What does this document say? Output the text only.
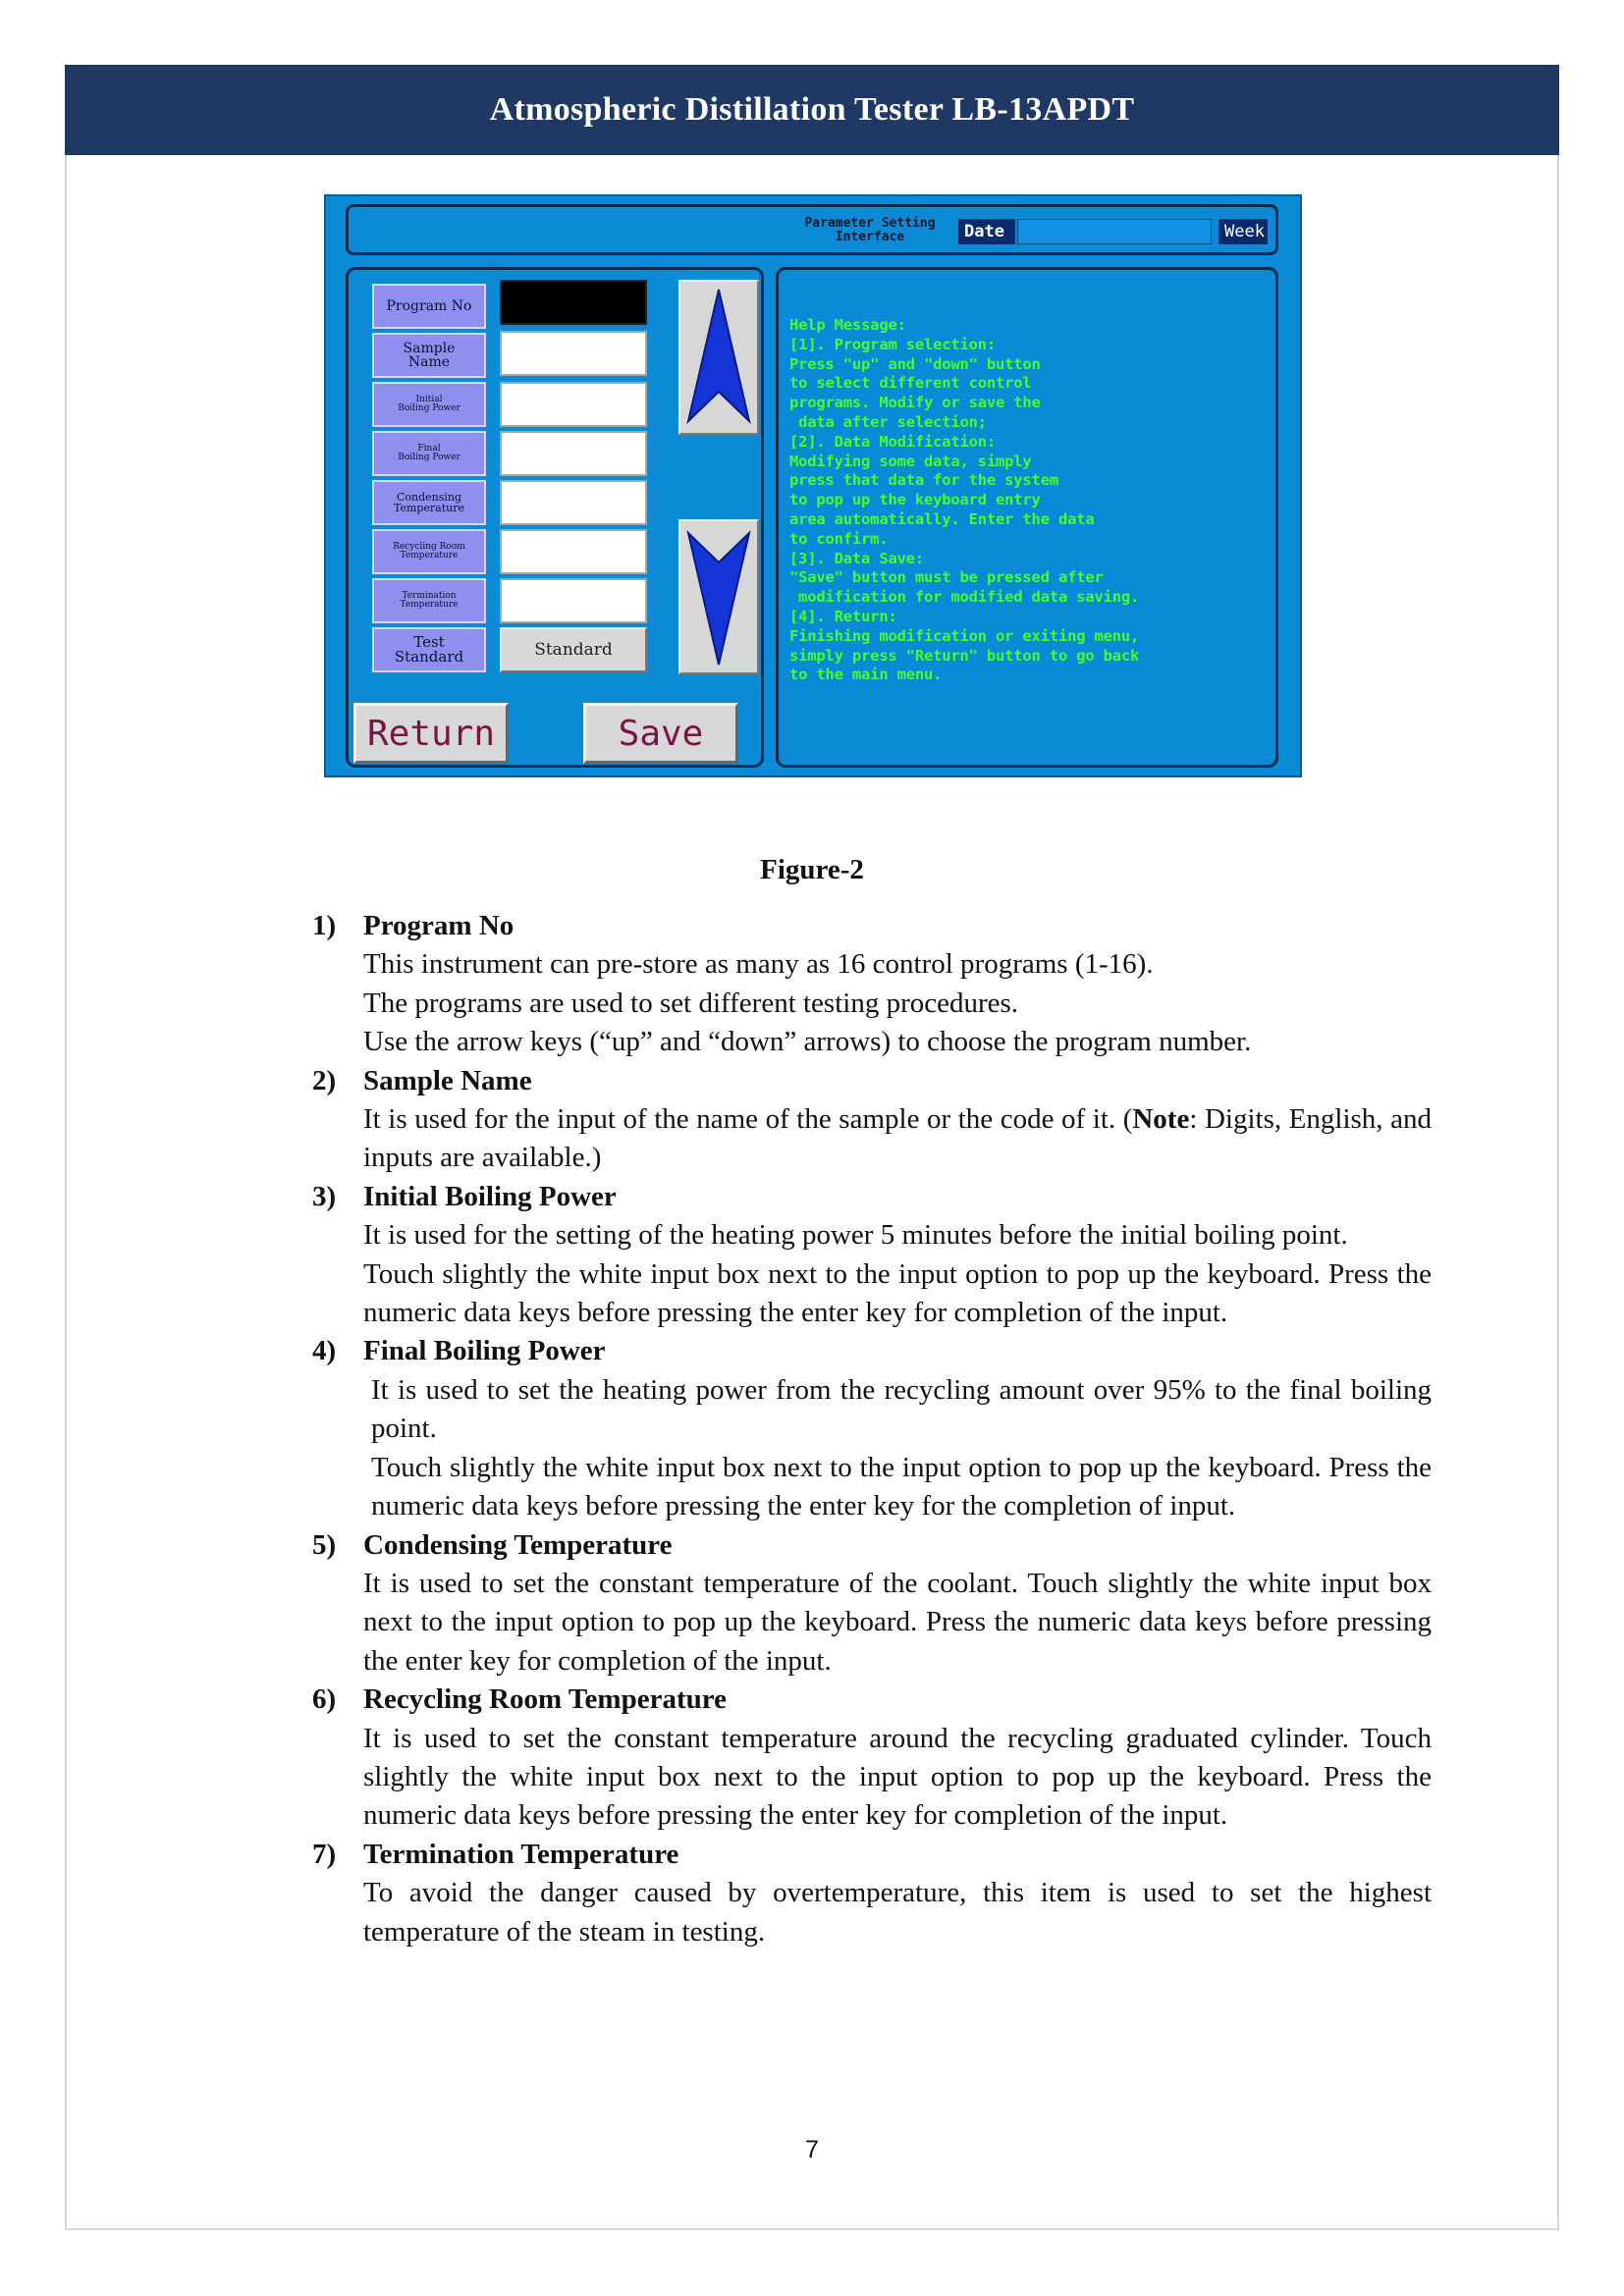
Atmospheric Distillation Tester LB-13APDT
Parameter Setting
Interface	Date	Week
Program No
Sample
Name
Initial
Boiling Power
Final
Boiling Power
Condensing
Temperature
Recycling Room
Temperature
Termination
Temperature
Test
Standard	Standard
Return	Save
Help Message:
[1]. Program selection:
Press "up" and "down" button
to select different control
programs. Modify or save the
data after selection;
[2]. Data Modification:
Modifying some data, simply
press that data for the system
to pop up the keyboard entry
area automatically. Enter the data
to confirm.
[3]. Data Save:
"Save" button must be pressed after
modification for modified data saving.
[4]. Return:
Finishing modification or exiting menu,
simply press "Return" button to go back
to the main menu.
Figure-2
1) Program No
This instrument can pre-store as many as 16 control programs (1-16).
The programs are used to set different testing procedures.
Use the arrow keys (“up” and “down” arrows) to choose the program number.
2) Sample Name
It is used for the input of the name of the sample or the code of it. (Note: Digits, English, and inputs are available.)
3) Initial Boiling Power
It is used for the setting of the heating power 5 minutes before the initial boiling point.
Touch slightly the white input box next to the input option to pop up the keyboard. Press the numeric data keys before pressing the enter key for completion of the input.
4) Final Boiling Power
It is used to set the heating power from the recycling amount over 95% to the final boiling point.
Touch slightly the white input box next to the input option to pop up the keyboard. Press the numeric data keys before pressing the enter key for the completion of input.
5) Condensing Temperature
It is used to set the constant temperature of the coolant. Touch slightly the white input box next to the input option to pop up the keyboard. Press the numeric data keys before pressing the enter key for completion of the input.
6) Recycling Room Temperature
It is used to set the constant temperature around the recycling graduated cylinder. Touch slightly the white input box next to the input option to pop up the keyboard. Press the numeric data keys before pressing the enter key for completion of the input.
7) Termination Temperature
To avoid the danger caused by overtemperature, this item is used to set the highest temperature of the steam in testing.
7
